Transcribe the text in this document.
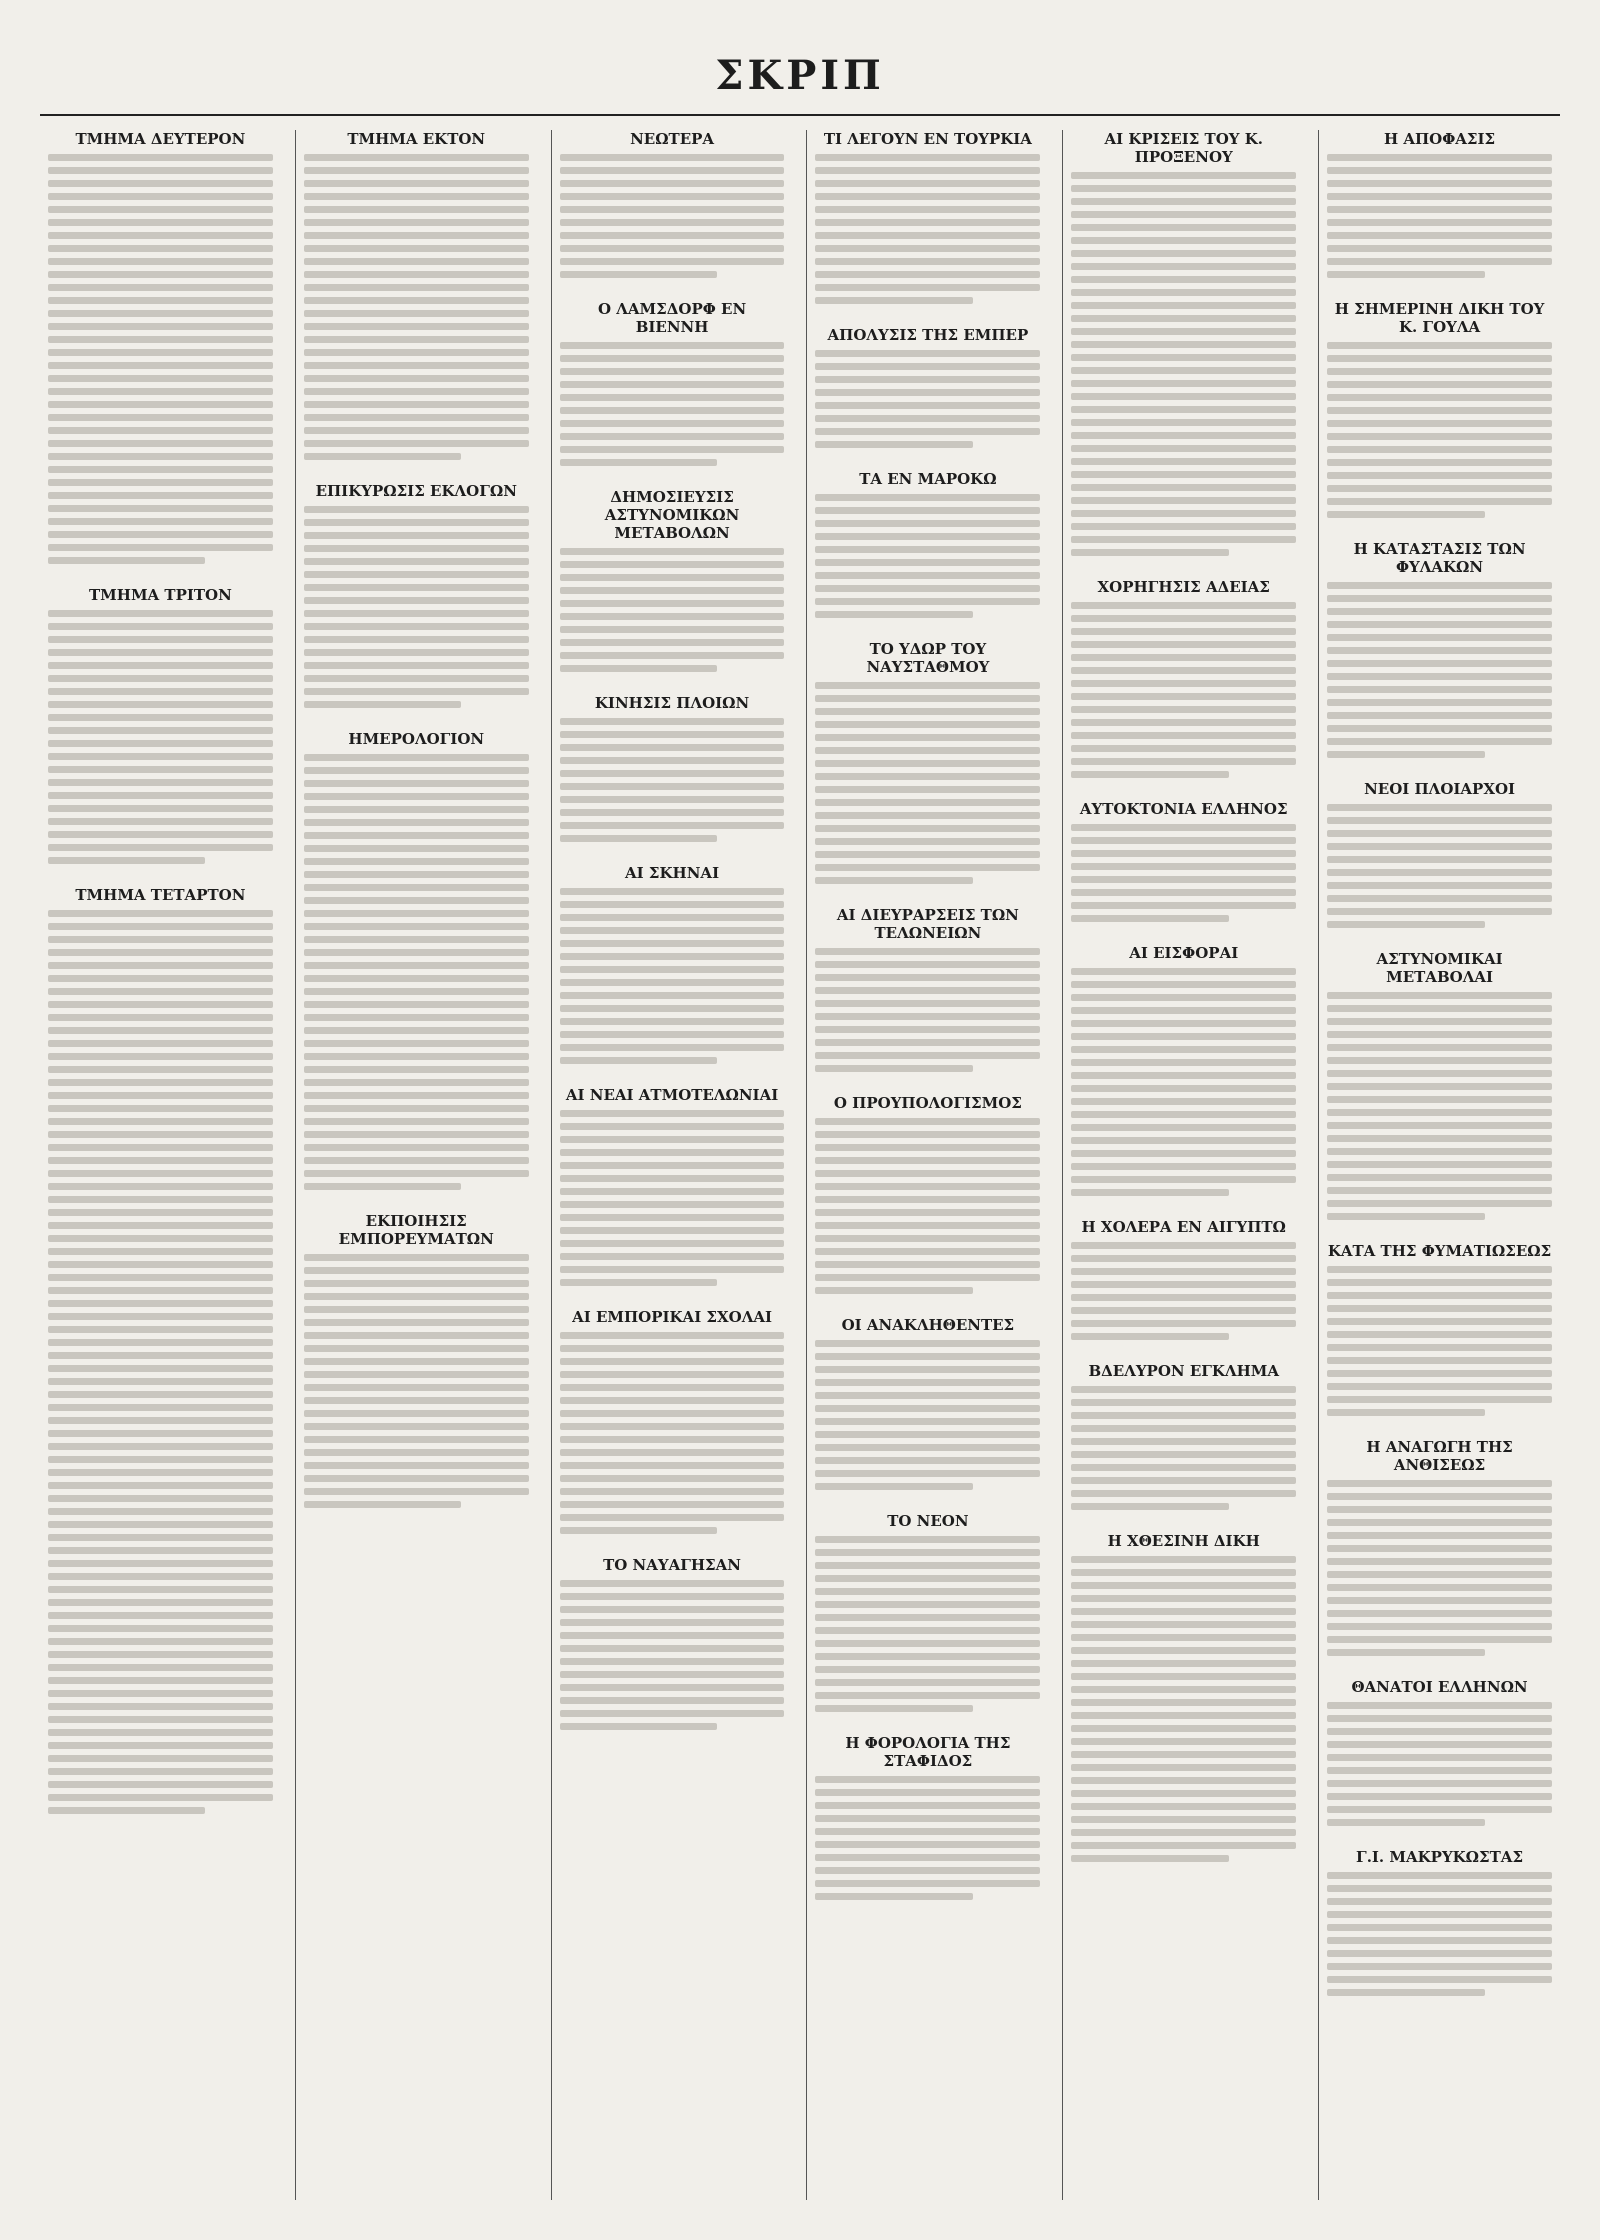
ΣΚΡΙΠ
ΤΜΗΜΑ ΔΕΥΤΕΡΟΝ
ΤΜΗΜΑ ΤΡΙΤΟΝ
ΤΜΗΜΑ ΤΕΤΑΡΤΟΝ
ΤΜΗΜΑ ΕΚΤΟΝ
ΕΠΙΚΥΡΩΣΙΣ ΕΚΛΟΓΩΝ
ΗΜΕΡΟΛΟΓΙΟΝ
ΕΚΠΟΙΗΣΙΣ ΕΜΠΟΡΕΥΜΑΤΩΝ
ΝΕΩΤΕΡΑ
Ο ΛΑΜΣΔΟΡΦ ΕΝ ΒΙΕΝΝΗ
ΔΗΜΟΣΙΕΥΣΙΣ ΑΣΤΥΝΟΜΙΚΩΝ ΜΕΤΑΒΟΛΩΝ
ΚΙΝΗΣΙΣ ΠΛΟΙΩΝ
ΑΙ ΣΚΗΝΑΙ
ΑΙ ΝΕΑΙ ΑΤΜΟΤΕΛΩΝΙΑΙ
ΑΙ ΕΜΠΟΡΙΚΑΙ ΣΧΟΛΑΙ
ΤΟ ΝΑΥΑΓΗΣΑΝ
ΤΙ ΛΕΓΟΥΝ ΕΝ ΤΟΥΡΚΙΑ
ΑΠΟΛΥΣΙΣ ΤΗΣ ΕΜΠΕΡ
ΤΑ ΕΝ ΜΑΡΟΚΩ
ΤΟ ΥΔΩΡ ΤΟΥ ΝΑΥΣΤΑΘΜΟΥ
ΑΙ ΔΙΕΥΡΑΡΣΕΙΣ ΤΩΝ ΤΕΛΩΝΕΙΩΝ
Ο ΠΡΟΥΠΟΛΟΓΙΣΜΟΣ
ΟΙ ΑΝΑΚΛΗΘΕΝΤΕΣ
ΤΟ ΝΕΟΝ
Η ΦΟΡΟΛΟΓΙΑ ΤΗΣ ΣΤΑΦΙΔΟΣ
ΑΙ ΚΡΙΣΕΙΣ ΤΟΥ Κ. ΠΡΟΞΕΝΟΥ
ΧΟΡΗΓΗΣΙΣ ΑΔΕΙΑΣ
ΑΥΤΟΚΤΟΝΙΑ ΕΛΛΗΝΟΣ
ΑΙ ΕΙΣΦΟΡΑΙ
Η ΧΟΛΕΡΑ ΕΝ ΑΙΓΥΠΤΩ
ΒΔΕΛΥΡΟΝ ΕΓΚΛΗΜΑ
Η ΧΘΕΣΙΝΗ ΔΙΚΗ
Η ΑΠΟΦΑΣΙΣ
Η ΣΗΜΕΡΙΝΗ ΔΙΚΗ ΤΟΥ Κ. ΓΟΥΛΑ
Η ΚΑΤΑΣΤΑΣΙΣ ΤΩΝ ΦΥΛΑΚΩΝ
ΝΕΟΙ ΠΛΟΙΑΡΧΟΙ
ΑΣΤΥΝΟΜΙΚΑΙ ΜΕΤΑΒΟΛΑΙ
ΚΑΤΑ ΤΗΣ ΦΥΜΑΤΙΩΣΕΩΣ
Η ΑΝΑΓΩΓΗ ΤΗΣ ΑΝΘΙΣΕΩΣ
ΘΑΝΑΤΟΙ ΕΛΛΗΝΩΝ
Γ.Ι. ΜΑΚΡΥΚΩΣΤΑΣ
